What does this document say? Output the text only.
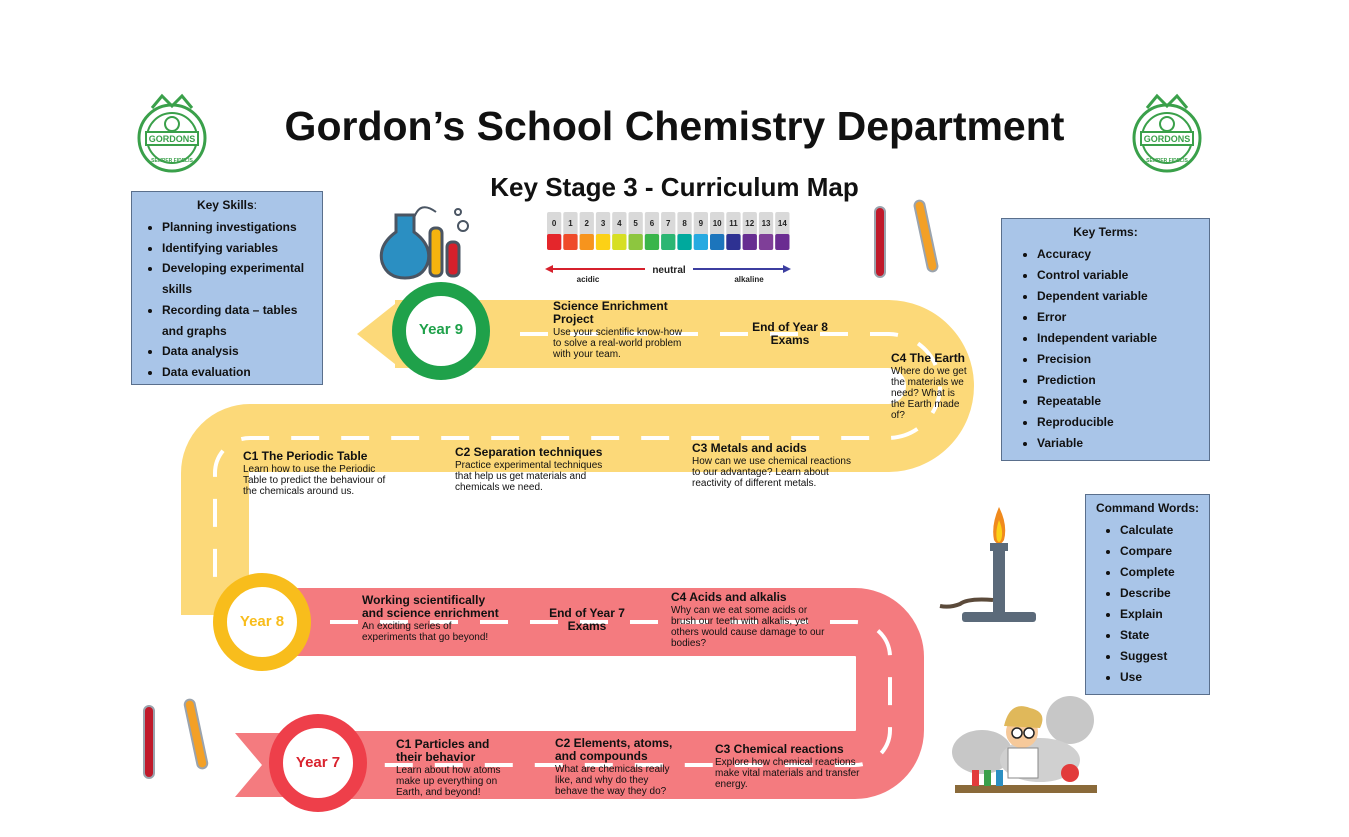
GORDONS
SEMPER FIDELIS
GORDONS
SEMPER FIDELIS
0 1 2 3 4 5 6 7 8 9 10 11 12 13 14
acidic
neutral
alkaline
Gordon’s School Chemistry Department
Key Stage 3 - Curriculum Map
Key Skills:
• Planning investigations
• Identifying variables
• Developing experimental skills
• Recording data – tables and graphs
• Data analysis
• Data evaluation
Key Terms:
• Accuracy
• Control variable
• Dependent variable
• Error
• Independent variable
• Precision
• Prediction
• Repeatable
• Reproducible
• Variable
Command Words:
• Calculate
• Compare
• Complete
• Describe
• Explain
• State
• Suggest
• Use
Year 9
Year 8
Year 7
Science Enrichment Project
Use your scientific know-how to solve a real-world problem with your team.
End of Year 8 Exams
C4 The Earth
Where do we get the materials we need? What is the Earth made of?
C3 Metals and acids
How can we use chemical reactions to our advantage? Learn about reactivity of different metals.
C2 Separation techniques
Practice experimental techniques that help us get materials and chemicals we need.
C1 The Periodic Table
Learn how to use the Periodic Table to predict the behaviour of the chemicals around us.
Working scientifically and science enrichment
An exciting series of experiments that go beyond!
End of Year 7 Exams
C4 Acids and alkalis
Why can we eat some acids or brush our teeth with alkalis, yet others would cause damage to our bodies?
C1 Particles and their behavior
Learn about how atoms make up everything on Earth, and beyond!
C2 Elements, atoms, and compounds
What are chemicals really like, and why do they behave the way they do?
C3 Chemical reactions
Explore how chemical reactions make vital materials and transfer energy.
